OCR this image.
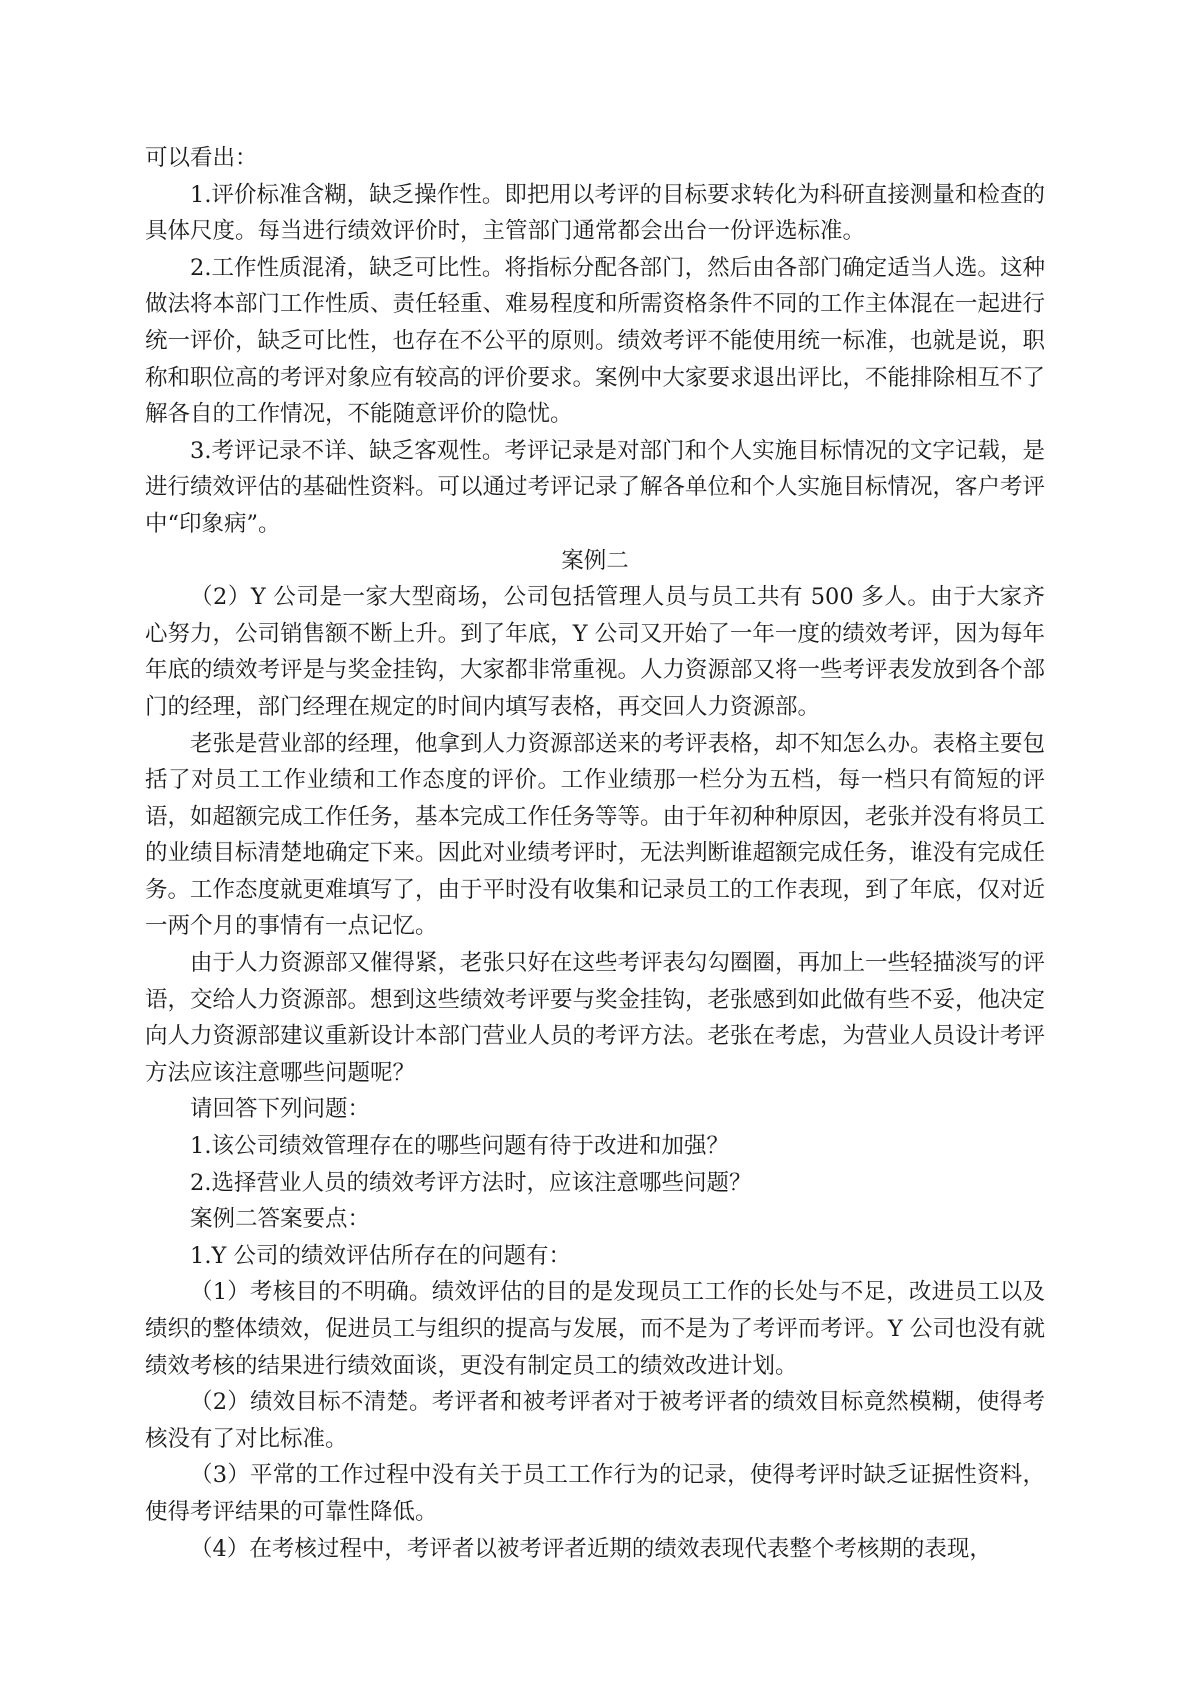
可以看出：

1.评价标准含糊，缺乏操作性。即把用以考评的目标要求转化为科研直接测量和检查的具体尺度。每当进行绩效评价时，主管部门通常都会出台一份评选标准。

2.工作性质混淆，缺乏可比性。将指标分配各部门，然后由各部门确定适当人选。这种做法将本部门工作性质、责任轻重、难易程度和所需资格条件不同的工作主体混在一起进行统一评价，缺乏可比性，也存在不公平的原则。绩效考评不能使用统一标准，也就是说，职称和职位高的考评对象应有较高的评价要求。案例中大家要求退出评比，不能排除相互不了解各自的工作情况，不能随意评价的隐忧。

3.考评记录不详、缺乏客观性。考评记录是对部门和个人实施目标情况的文字记载，是进行绩效评估的基础性资料。可以通过考评记录了解各单位和个人实施目标情况，客户考评中“印象病”。

案例二

（2）Y 公司是一家大型商场，公司包括管理人员与员工共有 500 多人。由于大家齐心努力，公司销售额不断上升。到了年底，Y 公司又开始了一年一度的绩效考评，因为每年年底的绩效考评是与奖金挂钩，大家都非常重视。人力资源部又将一些考评表发放到各个部门的经理，部门经理在规定的时间内填写表格，再交回人力资源部。

老张是营业部的经理，他拿到人力资源部送来的考评表格，却不知怎么办。表格主要包括了对员工工作业绩和工作态度的评价。工作业绩那一栏分为五档，每一档只有简短的评语，如超额完成工作任务，基本完成工作任务等等。由于年初种种原因，老张并没有将员工的业绩目标清楚地确定下来。因此对业绩考评时，无法判断谁超额完成任务，谁没有完成任务。工作态度就更难填写了，由于平时没有收集和记录员工的工作表现，到了年底，仅对近一两个月的事情有一点记忆。

由于人力资源部又催得紧，老张只好在这些考评表勾勾圈圈，再加上一些轻描淡写的评语，交给人力资源部。想到这些绩效考评要与奖金挂钩，老张感到如此做有些不妥，他决定向人力资源部建议重新设计本部门营业人员的考评方法。老张在考虑，为营业人员设计考评方法应该注意哪些问题呢？

请回答下列问题：

1.该公司绩效管理存在的哪些问题有待于改进和加强？

2.选择营业人员的绩效考评方法时，应该注意哪些问题？

案例二答案要点：

1.Y 公司的绩效评估所存在的问题有：

（1）考核目的不明确。绩效评估的目的是发现员工工作的长处与不足，改进员工以及绩织的整体绩效，促进员工与组织的提高与发展，而不是为了考评而考评。Y 公司也没有就绩效考核的结果进行绩效面谈，更没有制定员工的绩效改进计划。

（2）绩效目标不清楚。考评者和被考评者对于被考评者的绩效目标竟然模糊，使得考核没有了对比标准。

（3）平常的工作过程中没有关于员工工作行为的记录，使得考评时缺乏证据性资料，使得考评结果的可靠性降低。

（4）在考核过程中，考评者以被考评者近期的绩效表现代表整个考核期的表现，
